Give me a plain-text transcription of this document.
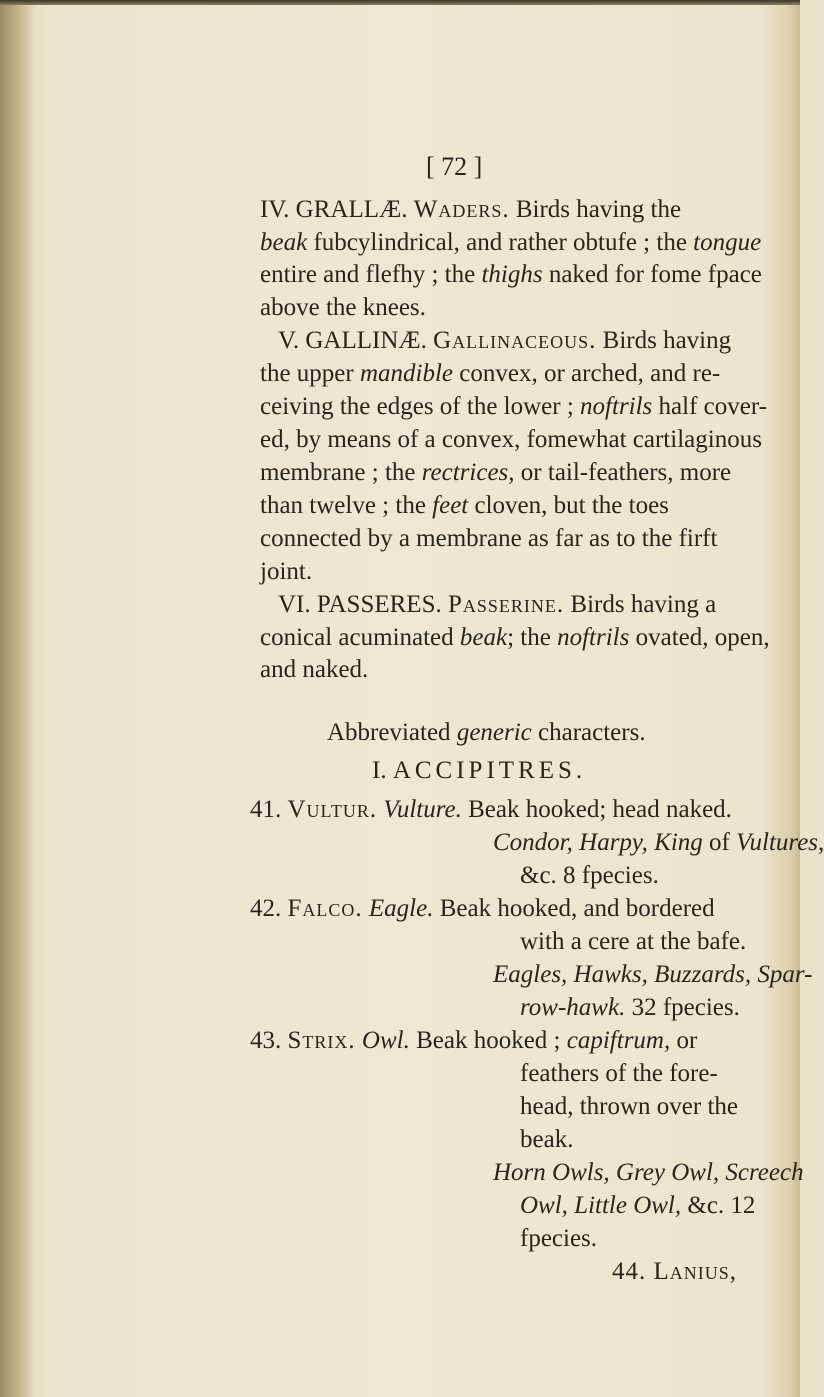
[ 72 ]
IV. GRALLÆ. Waders. Birds having the
beak fubcylindrical, and rather obtufe ; the tongue
entire and flefhy ; the thighs naked for fome fpace
above the knees.
V. GALLINÆ. Gallinaceous. Birds having
the upper mandible convex, or arched, and re-
ceiving the edges of the lower ; noftrils half cover-
ed, by means of a convex, fomewhat cartilaginous
membrane ; the rectrices, or tail-feathers, more
than twelve ; the feet cloven, but the toes
connected by a membrane as far as to the firft
joint.
VI. PASSERES. Passerine. Birds having a
conical acuminated beak; the noftrils ovated, open,
and naked.
Abbreviated generic characters.
I. ACCIPITRES.
41. Vultur. Vulture. Beak hooked; head naked.
Condor, Harpy, King of Vultures,
&c. 8 fpecies.
42. Falco. Eagle. Beak hooked, and bordered
with a cere at the bafe.
Eagles, Hawks, Buzzards, Spar-
row-hawk. 32 fpecies.
43. Strix. Owl. Beak hooked ; capiftrum, or
feathers of the fore-
head, thrown over the
beak.
Horn Owls, Grey Owl, Screech
Owl, Little Owl, &c. 12
fpecies.
44. Lanius,
